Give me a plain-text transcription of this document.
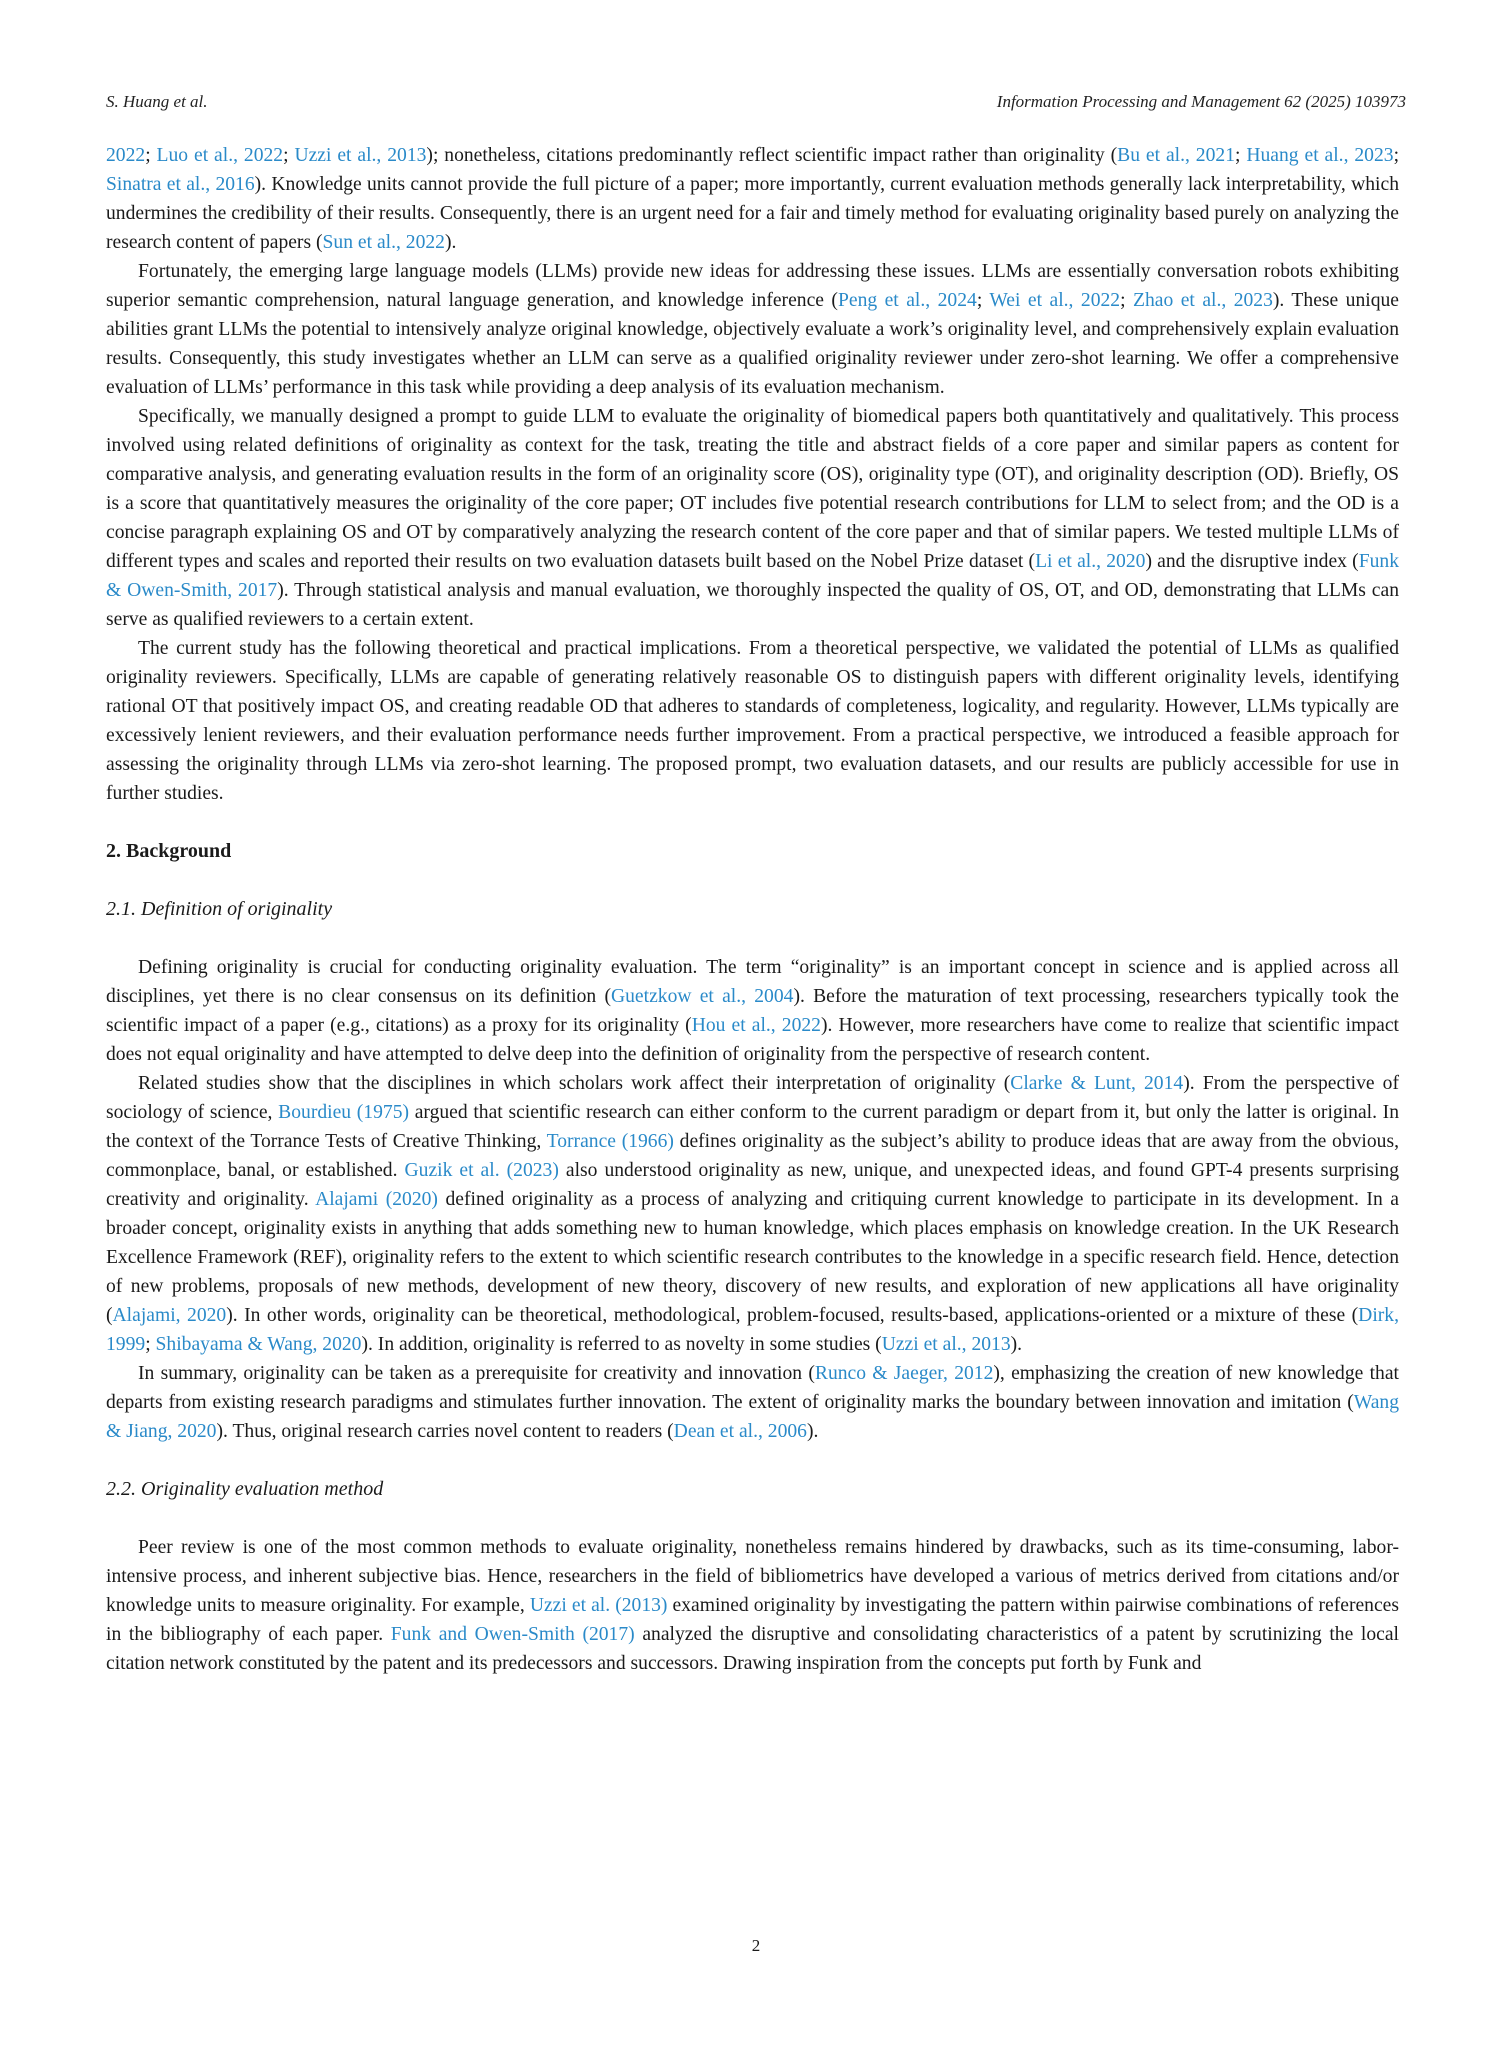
S. Huang et al.	Information Processing and Management 62 (2025) 103973

2022; Luo et al., 2022; Uzzi et al., 2013); nonetheless, citations predominantly reflect scientific impact rather than originality (Bu et al., 2021; Huang et al., 2023; Sinatra et al., 2016). Knowledge units cannot provide the full picture of a paper; more importantly, current evaluation methods generally lack interpretability, which undermines the credibility of their results. Consequently, there is an urgent need for a fair and timely method for evaluating originality based purely on analyzing the research content of papers (Sun et al., 2022).

Fortunately, the emerging large language models (LLMs) provide new ideas for addressing these issues. LLMs are essentially conversation robots exhibiting superior semantic comprehension, natural language generation, and knowledge inference (Peng et al., 2024; Wei et al., 2022; Zhao et al., 2023). These unique abilities grant LLMs the potential to intensively analyze original knowledge, objectively evaluate a work’s originality level, and comprehensively explain evaluation results. Consequently, this study investigates whether an LLM can serve as a qualified originality reviewer under zero-shot learning. We offer a comprehensive evaluation of LLMs’ performance in this task while providing a deep analysis of its evaluation mechanism.

Specifically, we manually designed a prompt to guide LLM to evaluate the originality of biomedical papers both quantitatively and qualitatively. This process involved using related definitions of originality as context for the task, treating the title and abstract fields of a core paper and similar papers as content for comparative analysis, and generating evaluation results in the form of an originality score (OS), originality type (OT), and originality description (OD). Briefly, OS is a score that quantitatively measures the originality of the core paper; OT includes five potential research contributions for LLM to select from; and the OD is a concise paragraph explaining OS and OT by comparatively analyzing the research content of the core paper and that of similar papers. We tested multiple LLMs of different types and scales and reported their results on two evaluation datasets built based on the Nobel Prize dataset (Li et al., 2020) and the disruptive index (Funk & Owen-Smith, 2017). Through statistical analysis and manual evaluation, we thoroughly inspected the quality of OS, OT, and OD, demonstrating that LLMs can serve as qualified reviewers to a certain extent.

The current study has the following theoretical and practical implications. From a theoretical perspective, we validated the potential of LLMs as qualified originality reviewers. Specifically, LLMs are capable of generating relatively reasonable OS to distinguish papers with different originality levels, identifying rational OT that positively impact OS, and creating readable OD that adheres to standards of completeness, logicality, and regularity. However, LLMs typically are excessively lenient reviewers, and their evaluation performance needs further improvement. From a practical perspective, we introduced a feasible approach for assessing the originality through LLMs via zero-shot learning. The proposed prompt, two evaluation datasets, and our results are publicly accessible for use in further studies.

2. Background
2.1. Definition of originality

Defining originality is crucial for conducting originality evaluation. The term “originality” is an important concept in science and is applied across all disciplines, yet there is no clear consensus on its definition (Guetzkow et al., 2004). Before the maturation of text processing, researchers typically took the scientific impact of a paper (e.g., citations) as a proxy for its originality (Hou et al., 2022). However, more researchers have come to realize that scientific impact does not equal originality and have attempted to delve deep into the definition of originality from the perspective of research content.

Related studies show that the disciplines in which scholars work affect their interpretation of originality (Clarke & Lunt, 2014). From the perspective of sociology of science, Bourdieu (1975) argued that scientific research can either conform to the current paradigm or depart from it, but only the latter is original. In the context of the Torrance Tests of Creative Thinking, Torrance (1966) defines originality as the subject’s ability to produce ideas that are away from the obvious, commonplace, banal, or established. Guzik et al. (2023) also understood originality as new, unique, and unexpected ideas, and found GPT-4 presents surprising creativity and originality. Alajami (2020) defined originality as a process of analyzing and critiquing current knowledge to participate in its development. In a broader concept, originality exists in anything that adds something new to human knowledge, which places emphasis on knowledge creation. In the UK Research Excellence Framework (REF), originality refers to the extent to which scientific research contributes to the knowledge in a specific research field. Hence, detection of new problems, proposals of new methods, development of new theory, discovery of new results, and exploration of new applications all have originality (Alajami, 2020). In other words, originality can be theoretical, methodological, problem-focused, results-based, applications-oriented or a mixture of these (Dirk, 1999; Shibayama & Wang, 2020). In addition, originality is referred to as novelty in some studies (Uzzi et al., 2013).

In summary, originality can be taken as a prerequisite for creativity and innovation (Runco & Jaeger, 2012), emphasizing the creation of new knowledge that departs from existing research paradigms and stimulates further innovation. The extent of originality marks the boundary between innovation and imitation (Wang & Jiang, 2020). Thus, original research carries novel content to readers (Dean et al., 2006).

2.2. Originality evaluation method

Peer review is one of the most common methods to evaluate originality, nonetheless remains hindered by drawbacks, such as its time-consuming, labor-intensive process, and inherent subjective bias. Hence, researchers in the field of bibliometrics have developed a various of metrics derived from citations and/or knowledge units to measure originality. For example, Uzzi et al. (2013) examined originality by investigating the pattern within pairwise combinations of references in the bibliography of each paper. Funk and Owen-Smith (2017) analyzed the disruptive and consolidating characteristics of a patent by scrutinizing the local citation network constituted by the patent and its predecessors and successors. Drawing inspiration from the concepts put forth by Funk and

2
